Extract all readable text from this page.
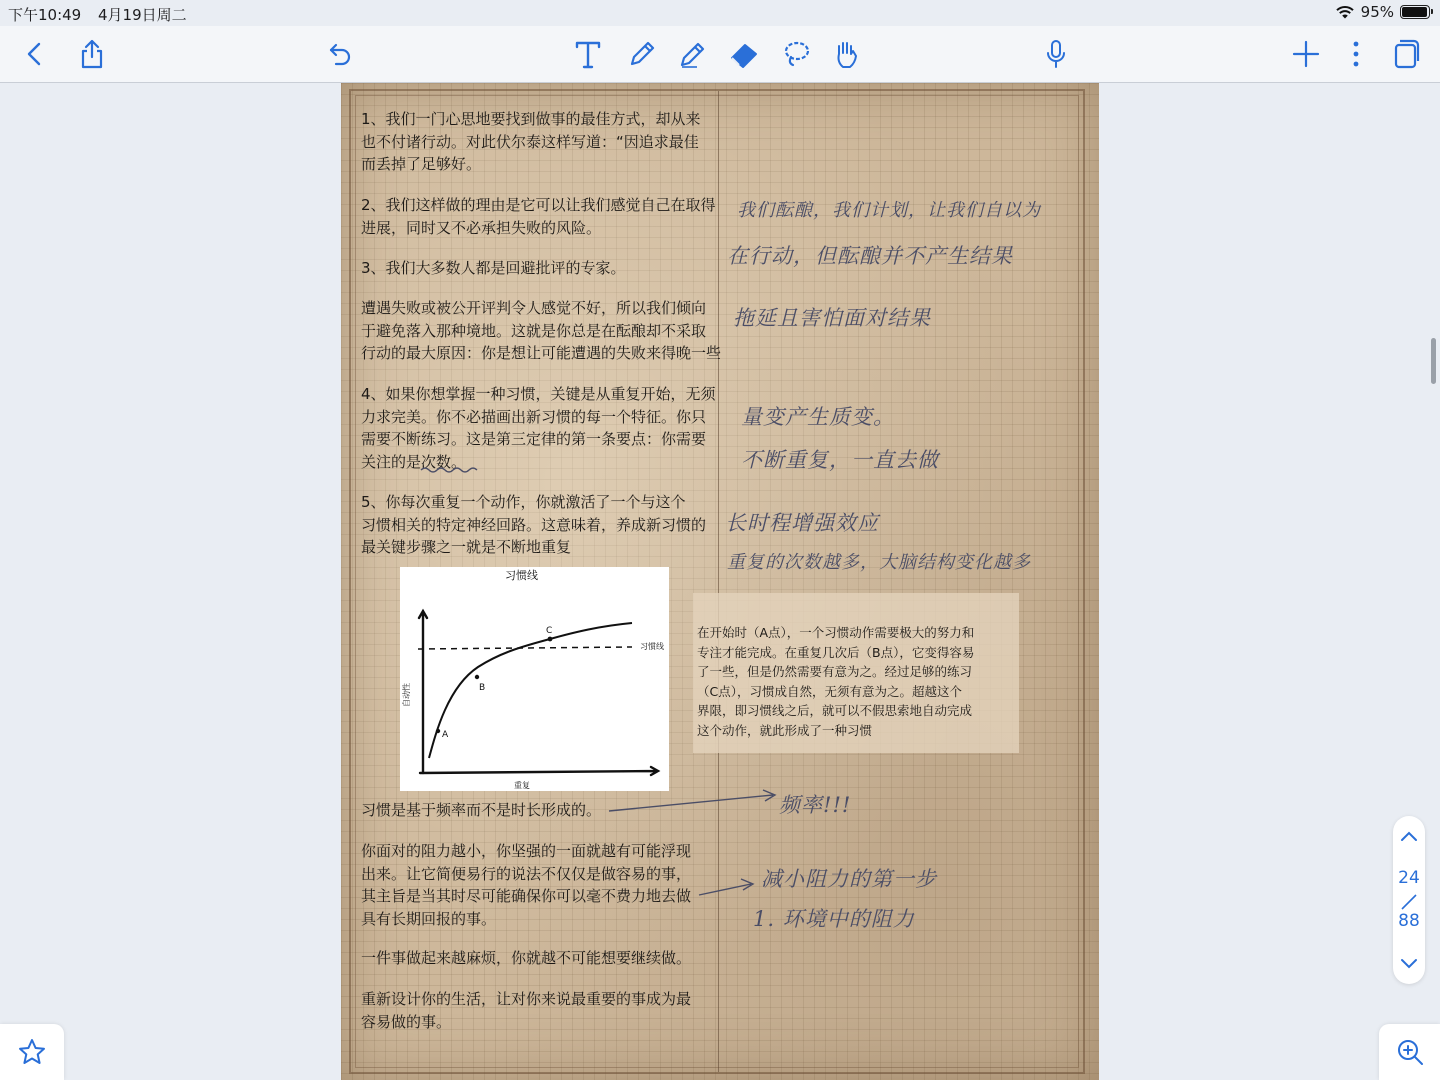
下午10:49 4月19日周二	95%
1、我们一门心思地要找到做事的最佳方式，却从来
也不付诸行动。对此伏尔泰这样写道：“因追求最佳
而丢掉了足够好。
2、我们这样做的理由是它可以让我们感觉自己在取得
进展，同时又不必承担失败的风险。
3、我们大多数人都是回避批评的专家。
遭遇失败或被公开评判令人感觉不好，所以我们倾向
于避免落入那种境地。这就是你总是在酝酿却不采取
行动的最大原因：你是想让可能遭遇的失败来得晚一些
4、如果你想掌握一种习惯，关键是从重复开始，无须
力求完美。你不必描画出新习惯的每一个特征。你只
需要不断练习。这是第三定律的第一条要点：你需要
关注的是次数。
5、你每次重复一个动作，你就激活了一个与这个
习惯相关的特定神经回路。这意味着，养成新习惯的
最关键步骤之一就是不断地重复
习惯线
习惯线
A
B
C
自动性
重复
在开始时（A点），一个习惯动作需要极大的努力和
专注才能完成。在重复几次后（B点），它变得容易
了一些，但是仍然需要有意为之。经过足够的练习
（C点），习惯成自然，无须有意为之。超越这个
界限，即习惯线之后，就可以不假思索地自动完成
这个动作，就此形成了一种习惯
习惯是基于频率而不是时长形成的。
你面对的阻力越小，你坚强的一面就越有可能浮现
出来。让它简便易行的说法不仅仅是做容易的事，
其主旨是当其时尽可能确保你可以毫不费力地去做
具有长期回报的事。
一件事做起来越麻烦，你就越不可能想要继续做。
重新设计你的生活，让对你来说最重要的事成为最
容易做的事。
我们酝酿，我们计划，让我们自以为
在行动，但酝酿并不产生结果
拖延且害怕面对结果
量变产生质变。
不断重复，一直去做
长时程增强效应
重复的次数越多，大脑结构变化越多
频率!!!
减小阻力的第一步
1. 环境中的阻力
24
88
